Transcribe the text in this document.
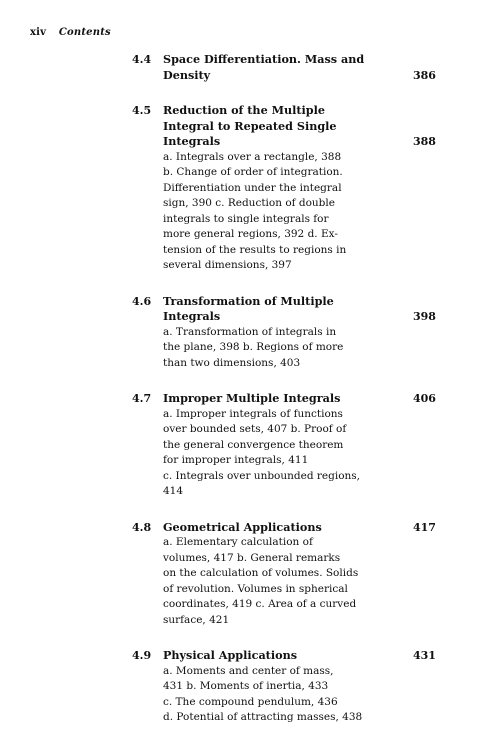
xiv Contents
4.4 Space Differentiation. Mass and
Density	386
4.5 Reduction of the Multiple
Integral to Repeated Single
Integrals
a. Integrals over a rectangle, 388
b. Change of order of integration.
Differentiation under the integral
sign, 390 c. Reduction of double
integrals to single integrals for
more general regions, 392 d. Ex-
tension of the results to regions in
several dimensions, 397
388
4.6 Transformation of Multiple
Integrals
a. Transformation of integrals in
the plane, 398 b. Regions of more
than two dimensions, 403
398
4.7 Improper Multiple Integrals
a. Improper integrals of functions
over bounded sets, 407 b. Proof of
the general convergence theorem
for improper integrals, 411
c. Integrals over unbounded regions,
414
406
4.8 Geometrical Applications
a. Elementary calculation of
volumes, 417 b. General remarks
on the calculation of volumes. Solids
of revolution. Volumes in spherical
coordinates, 419 c. Area of a curved
surface, 421
417
4.9 Physical Applications
a. Moments and center of mass,
431 b. Moments of inertia, 433
c. The compound pendulum, 436
d. Potential of attracting masses, 438
431
